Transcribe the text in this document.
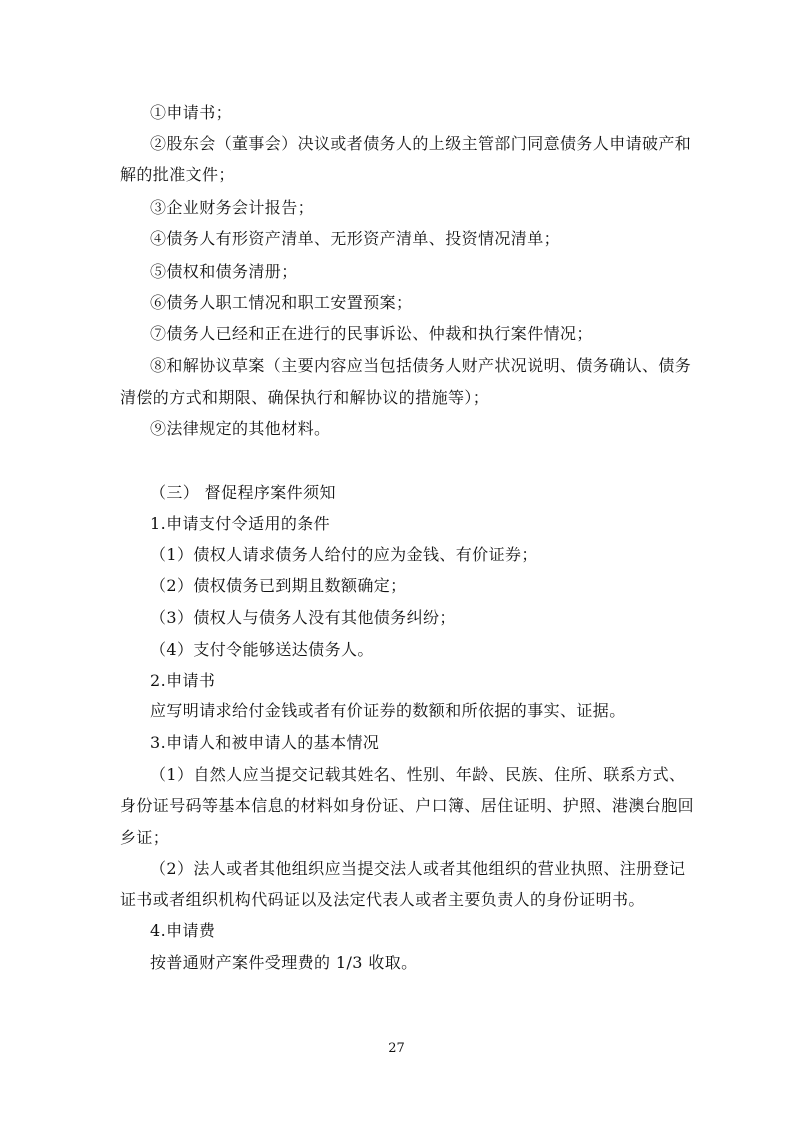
①申请书；
②股东会（董事会）决议或者债务人的上级主管部门同意债务人申请破产和
解的批准文件；
③企业财务会计报告；
④债务人有形资产清单、无形资产清单、投资情况清单；
⑤债权和债务清册；
⑥债务人职工情况和职工安置预案；
⑦债务人已经和正在进行的民事诉讼、仲裁和执行案件情况；
⑧和解协议草案（主要内容应当包括债务人财产状况说明、债务确认、债务
清偿的方式和期限、确保执行和解协议的措施等）；
⑨法律规定的其他材料。
（三） 督促程序案件须知
1.申请支付令适用的条件
（1）债权人请求债务人给付的应为金钱、有价证券；
（2）债权债务已到期且数额确定；
（3）债权人与债务人没有其他债务纠纷；
（4）支付令能够送达债务人。
2.申请书
应写明请求给付金钱或者有价证券的数额和所依据的事实、证据。
3.申请人和被申请人的基本情况
（1）自然人应当提交记载其姓名、性别、年龄、民族、住所、联系方式、
身份证号码等基本信息的材料如身份证、户口簿、居住证明、护照、港澳台胞回
乡证；
（2）法人或者其他组织应当提交法人或者其他组织的营业执照、注册登记
证书或者组织机构代码证以及法定代表人或者主要负责人的身份证明书。
4.申请费
按普通财产案件受理费的 1/3 收取。
27
